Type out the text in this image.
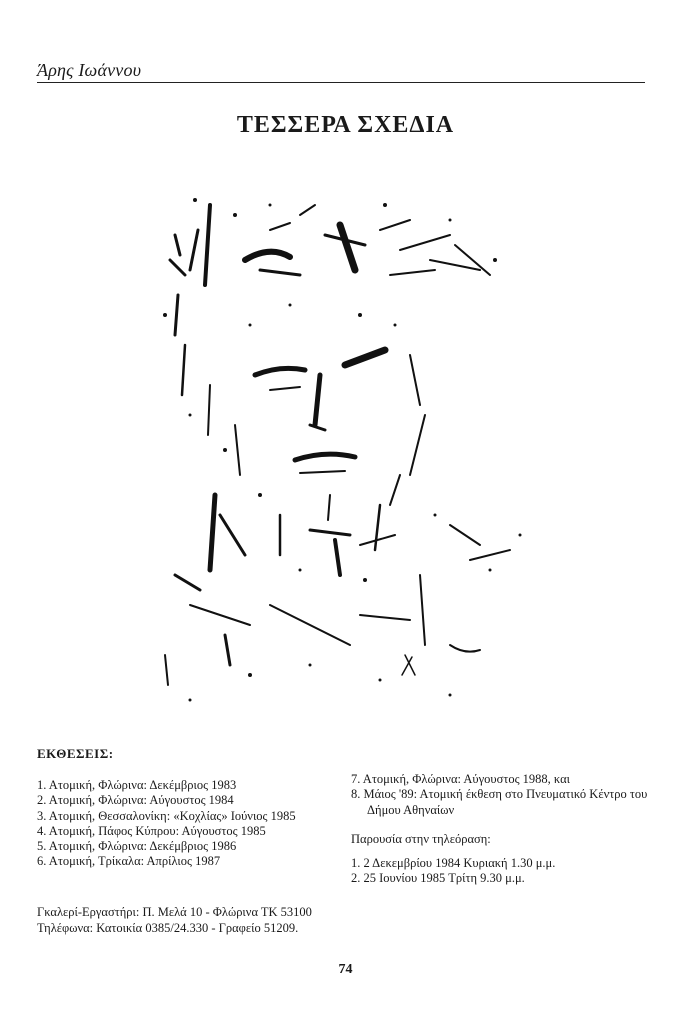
Άρης Ιωάννου
ΤΕΣΣΕΡΑ ΣΧΕΔΙΑ
ΕΚΘΕΣΕΙΣ:
1. Ατομική, Φλώρινα: Δεκέμβριος 1983
2. Ατομική, Φλώρινα: Αύγουστος 1984
3. Ατομική, Θεσσαλονίκη: «Κοχλίας» Ιούνιος 1985
4. Ατομική, Πάφος Κύπρου: Αύγουστος 1985
5. Ατομική, Φλώρινα: Δεκέμβριος 1986
6. Ατομική, Τρίκαλα: Απρίλιος 1987
7. Ατομική, Φλώρινα: Αύγουστος 1988, και
8. Μάιος '89: Ατομική έκθεση στο Πνευματικό Κέντρο του Δήμου Αθηναίων
Παρουσία στην τηλεόραση:
1. 2 Δεκεμβρίου 1984 Κυριακή 1.30 μ.μ.
2. 25 Ιουνίου 1985 Τρίτη 9.30 μ.μ.
Γκαλερί-Εργαστήρι: Π. Μελά 10 - Φλώρινα ΤΚ 53100
Τηλέφωνα: Κατοικία 0385/24.330 - Γραφείο 51209.
74
